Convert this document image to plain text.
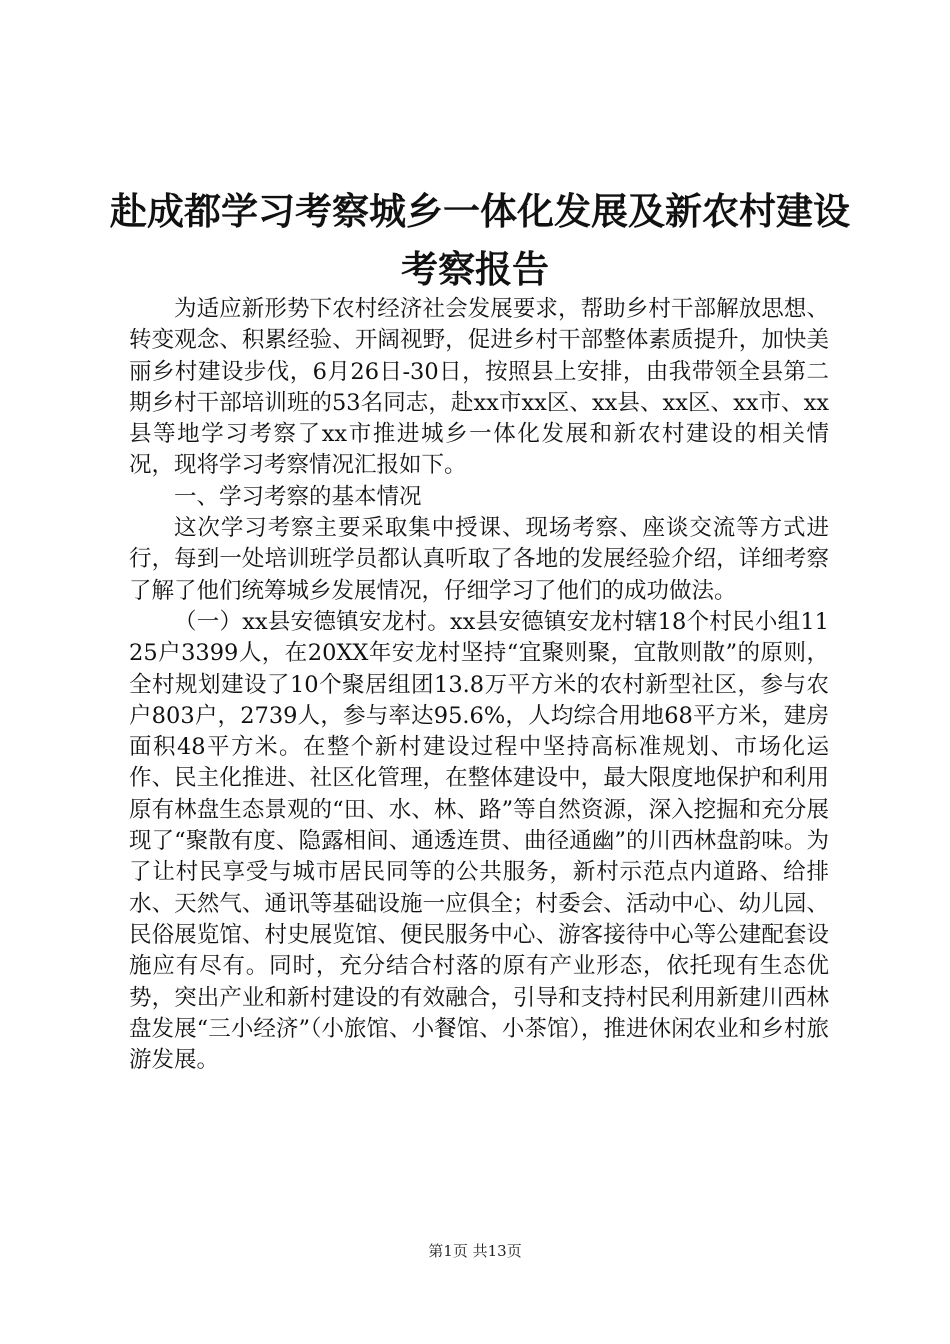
赴成都学习考察城乡一体化发展及新农村建设
考察报告

为适应新形势下农村经济社会发展要求，帮助乡村干部解放思想、转变观念、积累经验、开阔视野，促进乡村干部整体素质提升，加快美丽乡村建设步伐，6月26日-30日，按照县上安排，由我带领全县第二期乡村干部培训班的53名同志，赴xx市xx区、xx县、xx区、xx市、xx县等地学习考察了xx市推进城乡一体化发展和新农村建设的相关情况，现将学习考察情况汇报如下。

一、学习考察的基本情况

这次学习考察主要采取集中授课、现场考察、座谈交流等方式进行，每到一处培训班学员都认真听取了各地的发展经验介绍，详细考察了解了他们统筹城乡发展情况，仔细学习了他们的成功做法。

（一）xx县安德镇安龙村。xx县安德镇安龙村辖18个村民小组1125户3399人，在20XX年安龙村坚持“宜聚则聚，宜散则散”的原则，全村规划建设了10个聚居组团13.8万平方米的农村新型社区，参与农户803户，2739人，参与率达95.6%，人均综合用地68平方米，建房面积48平方米。在整个新村建设过程中坚持高标准规划、市场化运作、民主化推进、社区化管理，在整体建设中，最大限度地保护和利用原有林盘生态景观的“田、水、林、路”等自然资源，深入挖掘和充分展现了“聚散有度、隐露相间、通透连贯、曲径通幽”的川西林盘韵味。为了让村民享受与城市居民同等的公共服务，新村示范点内道路、给排水、天然气、通讯等基础设施一应俱全；村委会、活动中心、幼儿园、民俗展览馆、村史展览馆、便民服务中心、游客接待中心等公建配套设施应有尽有。同时，充分结合村落的原有产业形态，依托现有生态优势，突出产业和新村建设的有效融合，引导和支持村民利用新建川西林盘发展“三小经济”（小旅馆、小餐馆、小茶馆），推进休闲农业和乡村旅游发展。

第1页 共13页
